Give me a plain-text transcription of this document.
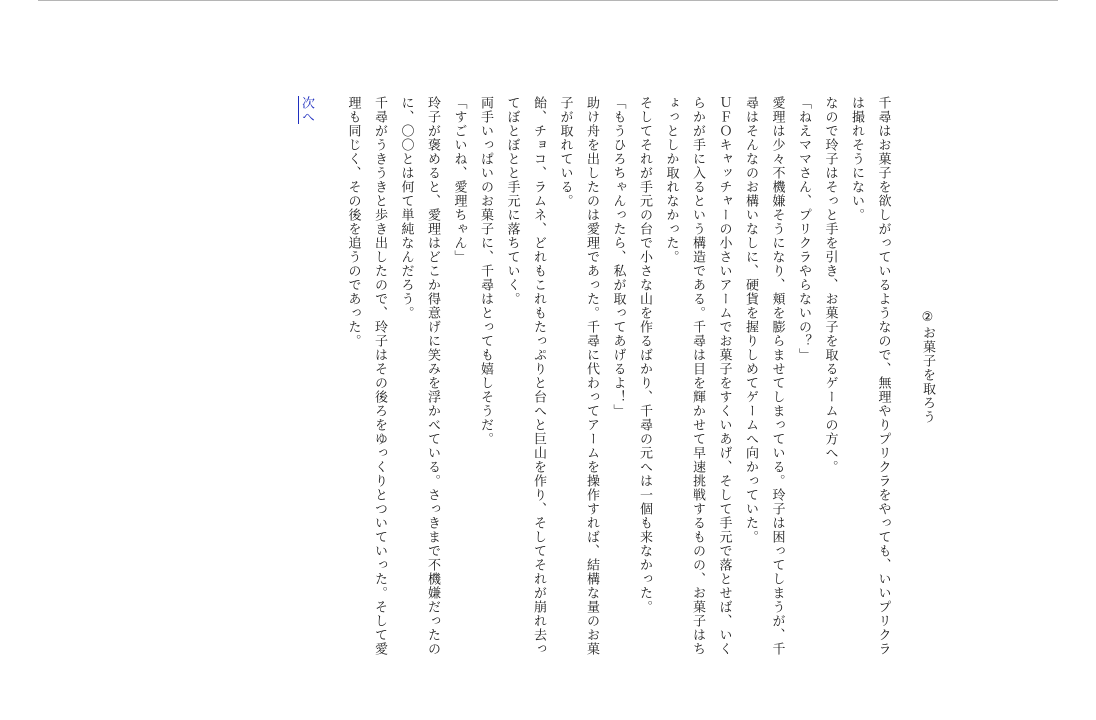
②お菓子を取ろう

千尋はお菓子を欲しがっているようなので、無理やりプリクラをやっても、いいプリクラは撮れそうにない。

なので玲子はそっと手を引き、お菓子を取るゲームの方へ。

「ねえママさん、プリクラやらないの？」

愛理は少々不機嫌そうになり、頬を膨らませてしまっている。玲子は困ってしまうが、千尋はそんなのお構いなしに、硬貨を握りしめてゲームへ向かっていた。

ＵＦＯキャッチャーの小さいアームでお菓子をすくいあげ、そして手元で落とせば、いくらかが手に入るという構造である。千尋は目を輝かせて早速挑戦するものの、お菓子はちょっとしか取れなかった。

そしてそれが手元の台で小さな山を作るばかり、千尋の元へは一個も来なかった。

「もうひろちゃんったら、私が取ってあげるよ！」

助け舟を出したのは愛理であった。千尋に代わってアームを操作すれば、結構な量のお菓子が取れている。

飴、チョコ、ラムネ、どれもこれもたっぷりと台へと巨山を作り、そしてそれが崩れ去ってぼとぼとと手元に落ちていく。

両手いっぱいのお菓子に、千尋はとっても嬉しそうだ。

「すごいね、愛理ちゃん」

玲子が褒めると、愛理はどこか得意げに笑みを浮かべている。さっきまで不機嫌だったのに、〇〇とは何て単純なんだろう。

千尋がうきうきと歩き出したので、玲子はその後ろをゆっくりとついていった。そして愛理も同じく、その後を追うのであった。

次へ
